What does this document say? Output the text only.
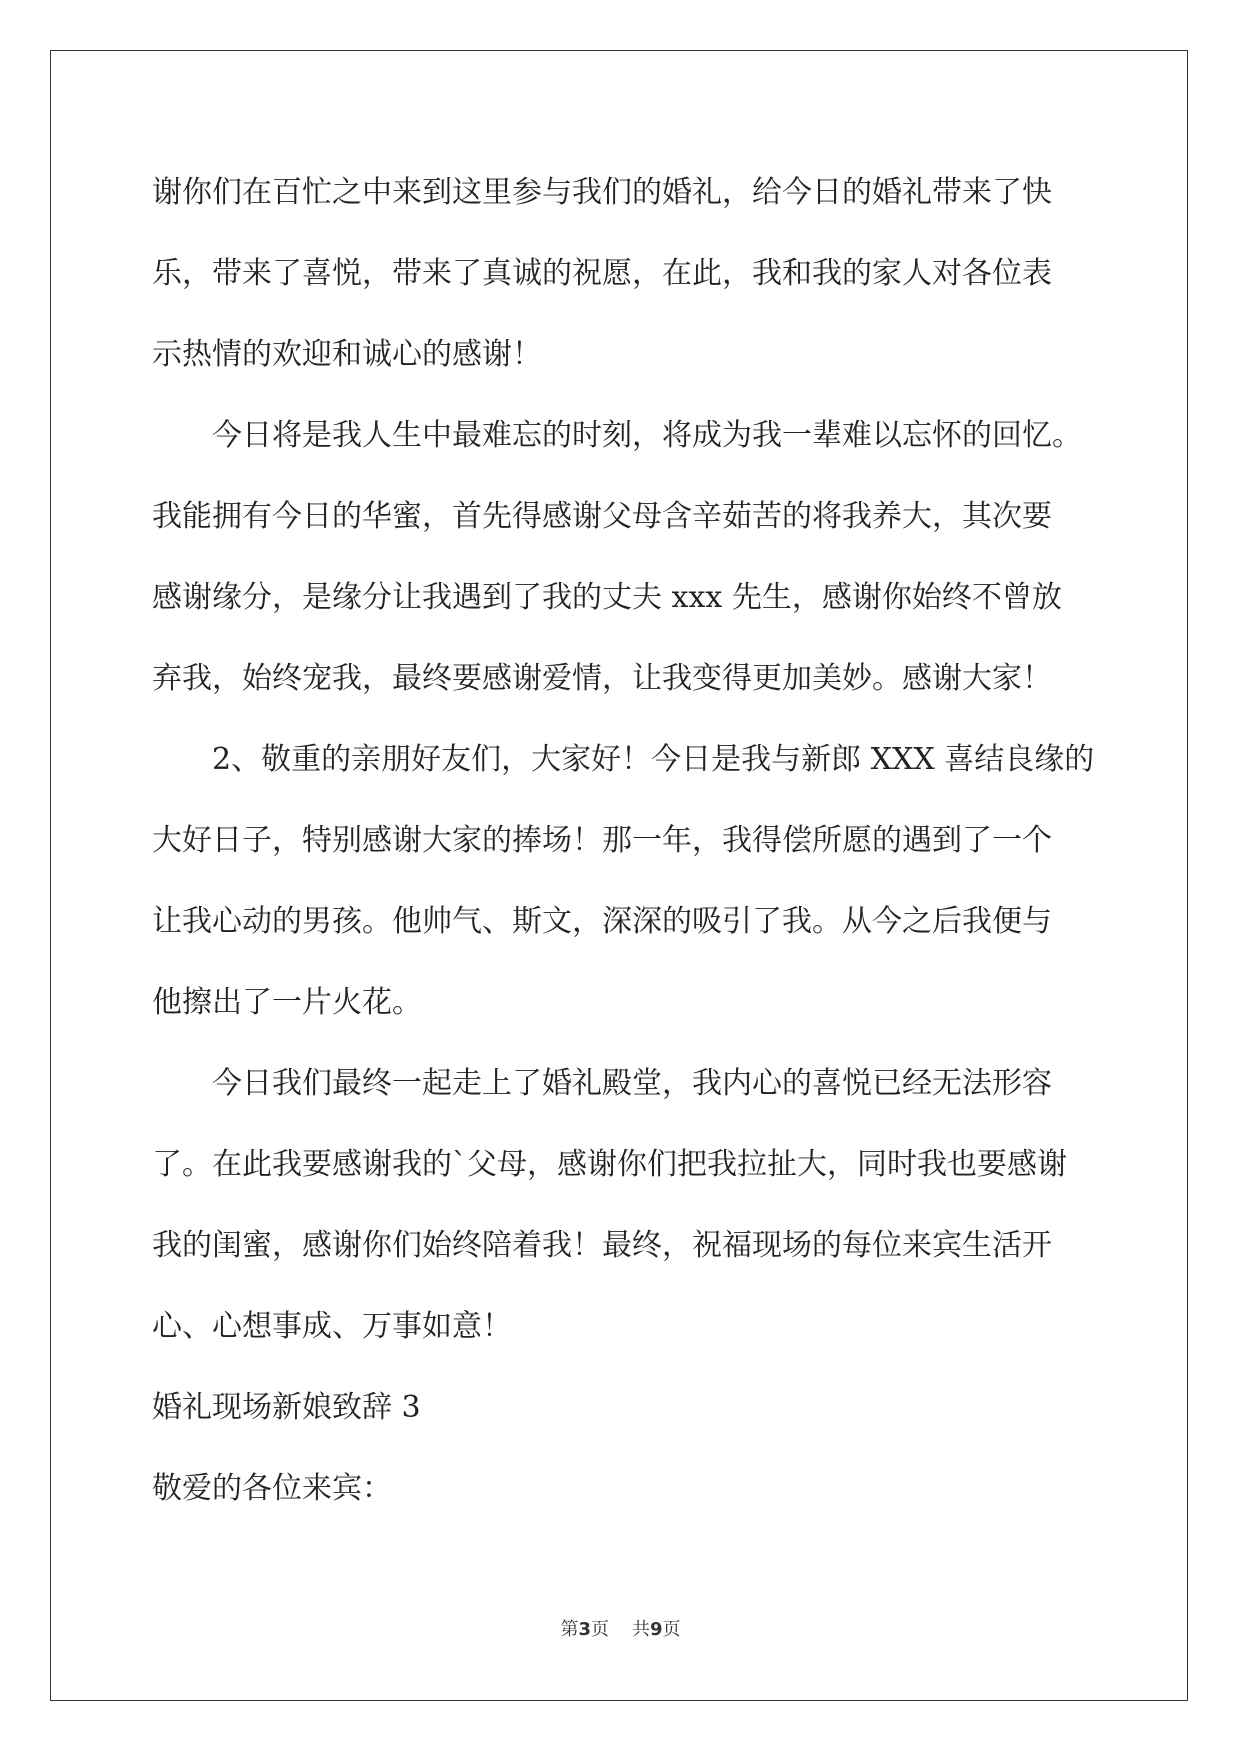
谢你们在百忙之中来到这里参与我们的婚礼，给今日的婚礼带来了快
乐，带来了喜悦，带来了真诚的祝愿，在此，我和我的家人对各位表
示热情的欢迎和诚心的感谢！
今日将是我人生中最难忘的时刻，将成为我一辈难以忘怀的回忆。
我能拥有今日的华蜜，首先得感谢父母含辛茹苦的将我养大，其次要
感谢缘分，是缘分让我遇到了我的丈夫 xxx 先生，感谢你始终不曾放
弃我，始终宠我，最终要感谢爱情，让我变得更加美妙。感谢大家！
2、敬重的亲朋好友们，大家好！今日是我与新郎 XXX 喜结良缘的
大好日子，特别感谢大家的捧场！那一年，我得偿所愿的遇到了一个
让我心动的男孩。他帅气、斯文，深深的吸引了我。从今之后我便与
他擦出了一片火花。
今日我们最终一起走上了婚礼殿堂，我内心的喜悦已经无法形容
了。在此我要感谢我的`父母，感谢你们把我拉扯大，同时我也要感谢
我的闺蜜，感谢你们始终陪着我！最终，祝福现场的每位来宾生活开
心、心想事成、万事如意！
婚礼现场新娘致辞 3
敬爱的各位来宾：
第3页 共9页
